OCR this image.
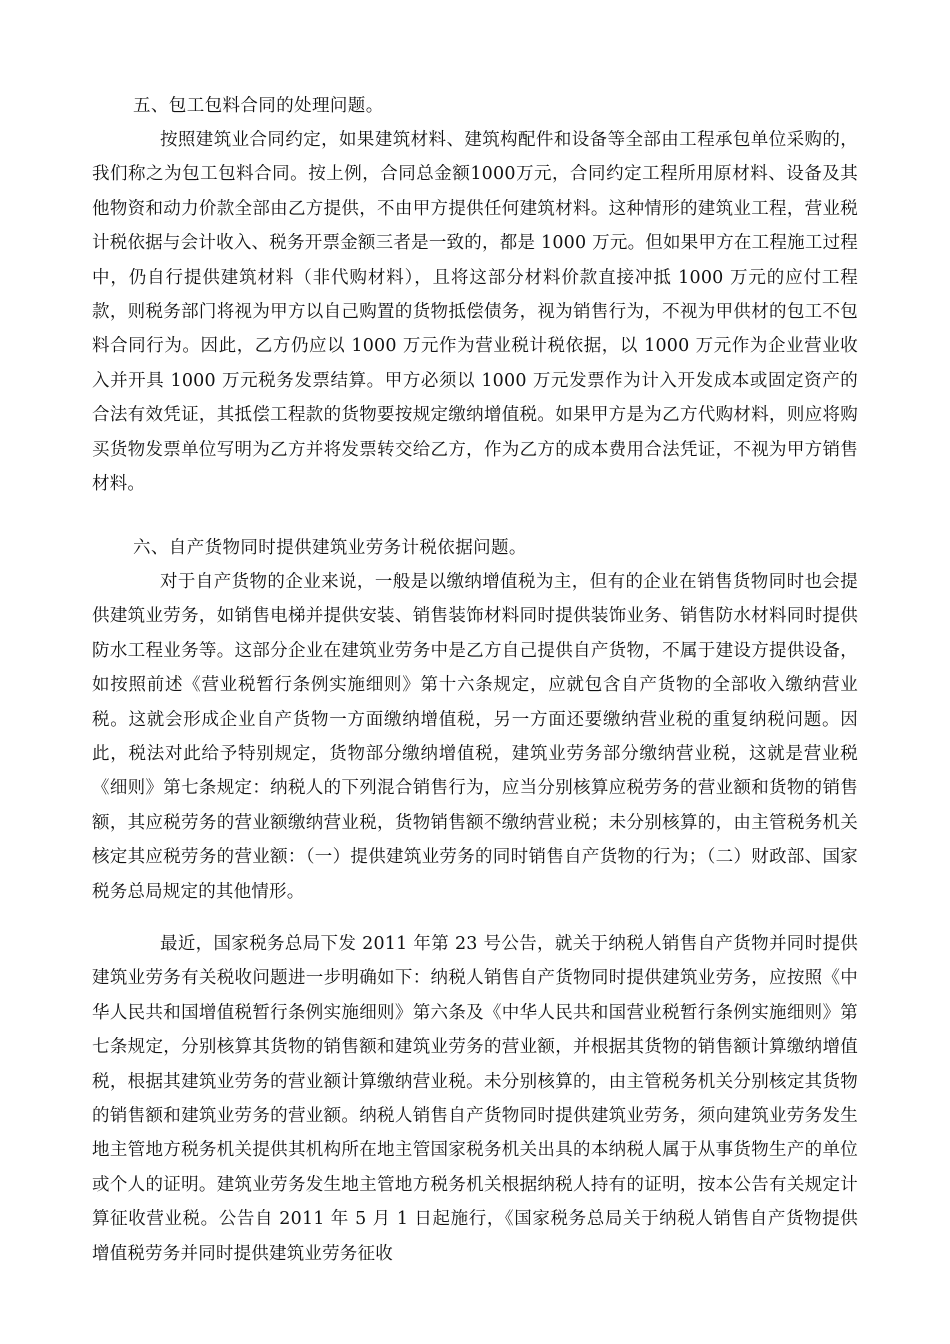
五、包工包料合同的处理问题。

按照建筑业合同约定，如果建筑材料、建筑构配件和设备等全部由工程承包单位采购的，我们称之为包工包料合同。按上例，合同总金额1000万元，合同约定工程所用原材料、设备及其他物资和动力价款全部由乙方提供，不由甲方提供任何建筑材料。这种情形的建筑业工程，营业税计税依据与会计收入、税务开票金额三者是一致的，都是 1000 万元。但如果甲方在工程施工过程中，仍自行提供建筑材料（非代购材料），且将这部分材料价款直接冲抵 1000 万元的应付工程款，则税务部门将视为甲方以自己购置的货物抵偿债务，视为销售行为，不视为甲供材的包工不包料合同行为。因此，乙方仍应以 1000 万元作为营业税计税依据，以 1000 万元作为企业营业收入并开具 1000 万元税务发票结算。甲方必须以 1000 万元发票作为计入开发成本或固定资产的合法有效凭证，其抵偿工程款的货物要按规定缴纳增值税。如果甲方是为乙方代购材料，则应将购买货物发票单位写明为乙方并将发票转交给乙方，作为乙方的成本费用合法凭证，不视为甲方销售材料。

六、自产货物同时提供建筑业劳务计税依据问题。

对于自产货物的企业来说，一般是以缴纳增值税为主，但有的企业在销售货物同时也会提供建筑业劳务，如销售电梯并提供安装、销售装饰材料同时提供装饰业务、销售防水材料同时提供防水工程业务等。这部分企业在建筑业劳务中是乙方自己提供自产货物，不属于建设方提供设备，如按照前述《营业税暂行条例实施细则》第十六条规定，应就包含自产货物的全部收入缴纳营业税。这就会形成企业自产货物一方面缴纳增值税，另一方面还要缴纳营业税的重复纳税问题。因此，税法对此给予特别规定，货物部分缴纳增值税，建筑业劳务部分缴纳营业税，这就是营业税《细则》第七条规定：纳税人的下列混合销售行为，应当分别核算应税劳务的营业额和货物的销售额，其应税劳务的营业额缴纳营业税，货物销售额不缴纳营业税；未分别核算的，由主管税务机关核定其应税劳务的营业额：（一）提供建筑业劳务的同时销售自产货物的行为；（二）财政部、国家税务总局规定的其他情形。

最近，国家税务总局下发 2011 年第 23 号公告，就关于纳税人销售自产货物并同时提供建筑业劳务有关税收问题进一步明确如下：纳税人销售自产货物同时提供建筑业劳务，应按照《中华人民共和国增值税暂行条例实施细则》第六条及《中华人民共和国营业税暂行条例实施细则》第七条规定，分别核算其货物的销售额和建筑业劳务的营业额，并根据其货物的销售额计算缴纳增值税，根据其建筑业劳务的营业额计算缴纳营业税。未分别核算的，由主管税务机关分别核定其货物的销售额和建筑业劳务的营业额。纳税人销售自产货物同时提供建筑业劳务，须向建筑业劳务发生地主管地方税务机关提供其机构所在地主管国家税务机关出具的本纳税人属于从事货物生产的单位或个人的证明。建筑业劳务发生地主管地方税务机关根据纳税人持有的证明，按本公告有关规定计算征收营业税。公告自 2011 年 5 月 1 日起施行，《国家税务总局关于纳税人销售自产货物提供增值税劳务并同时提供建筑业劳务征收
